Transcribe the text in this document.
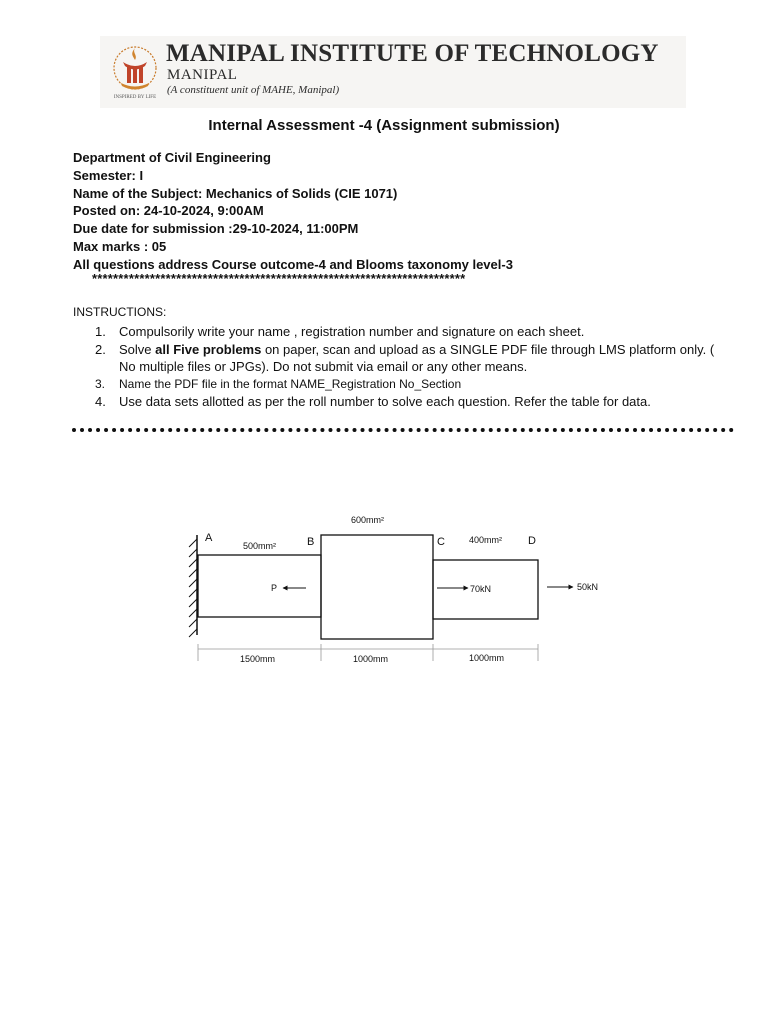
INSPIRED BY LIFE
MANIPAL INSTITUTE OF TECHNOLOGY
MANIPAL
(A constituent unit of MAHE, Manipal)
Internal Assessment -4 (Assignment submission)
Department of Civil Engineering
Semester: I
Name of the Subject: Mechanics of Solids (CIE 1071)
Posted on: 24-10-2024, 9:00AM
Due date for submission :29-10-2024, 11:00PM
Max marks : 05
All questions address Course outcome-4 and Blooms taxonomy level-3
***********************************************************************
INSTRUCTIONS:
1. Compulsorily write your name , registration number and signature on each sheet.
2. Solve all Five problems on paper, scan and upload as a SINGLE PDF file through LMS platform only. ( No multiple files or JPGs). Do not submit via email or any other means.
3. Name the PDF file in the format NAME_Registration No_Section
4. Use data sets allotted as per the roll number to solve each question. Refer the table for data.
A	B	C	D
500mm²
600mm²
400mm²
P	70kN	50kN
1500mm	1000mm	1000mm
